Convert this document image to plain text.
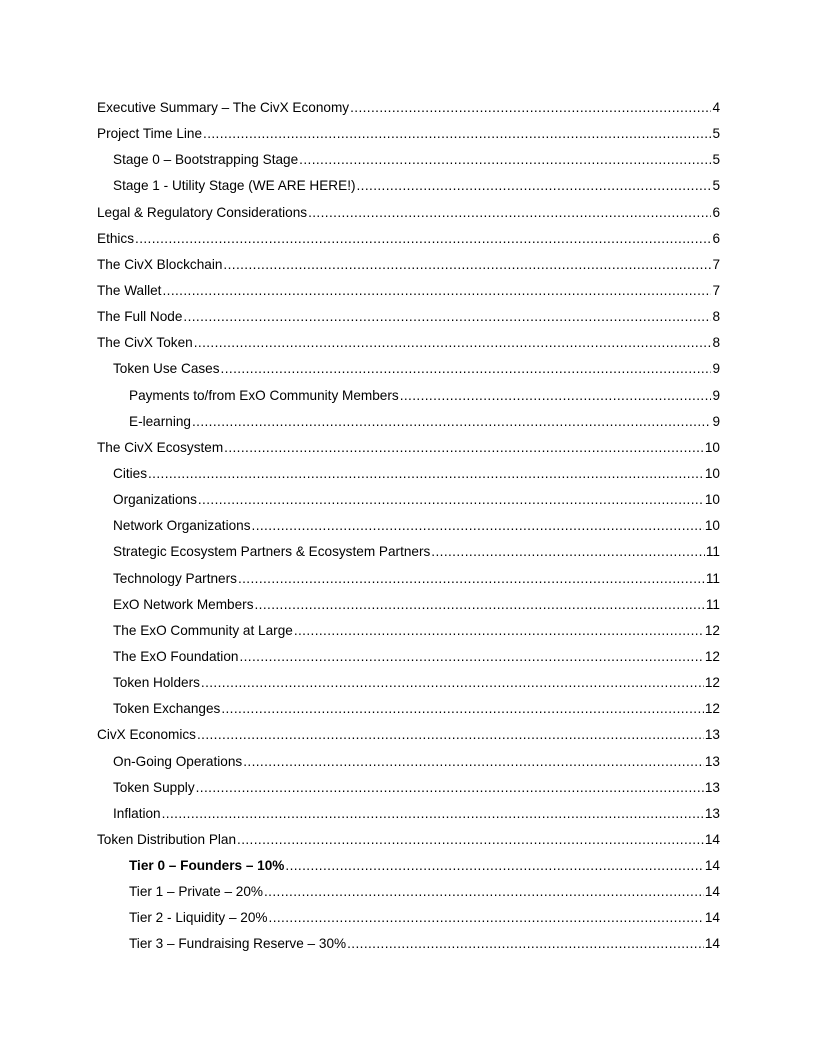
Executive Summary – The CivX Economy .....	4
Project Time Line .....	5
Stage 0 – Bootstrapping Stage .....	5
Stage 1 - Utility Stage (WE ARE HERE!) .....	5
Legal & Regulatory Considerations .....	6
Ethics .....	6
The CivX Blockchain .....	7
The Wallet .....	7
The Full Node .....	8
The CivX Token .....	8
Token Use Cases .....	9
Payments to/from ExO Community Members .....	9
E-learning .....	9
The CivX Ecosystem .....	10
Cities .....	10
Organizations .....	10
Network Organizations .....	10
Strategic Ecosystem Partners & Ecosystem Partners .....	11
Technology Partners .....	11
ExO Network Members .....	11
The ExO Community at Large .....	12
The ExO Foundation .....	12
Token Holders .....	12
Token Exchanges .....	12
CivX Economics .....	13
On-Going Operations .....	13
Token Supply .....	13
Inflation .....	13
Token Distribution Plan .....	14
Tier 0 – Founders – 10% .....	14
Tier 1 – Private – 20% .....	14
Tier 2 - Liquidity – 20% .....	14
Tier 3 – Fundraising Reserve – 30% .....	14
